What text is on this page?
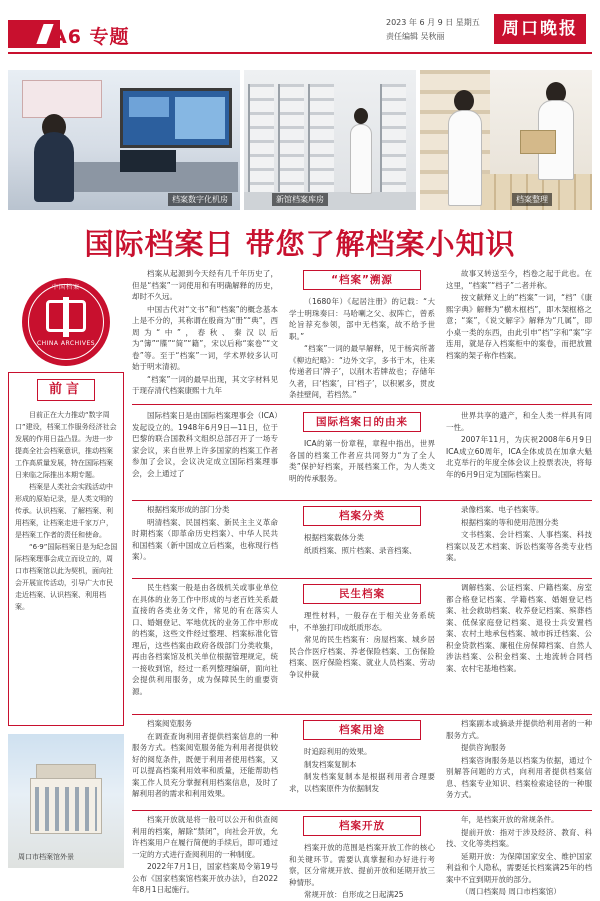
A6 专题
2023 年 6 月 9 日 星期五
责任编辑 吴秋丽	周口晚报
档案数字化机房	新馆档案库房	档案整理
国际档案日 带您了解档案小知识
中国档案
CHINA ARCHIVES
前言

目前正在大力推动“数字周口”建设，档案工作服务经济社会发展的作用日益凸显。为进一步提高全社会档案意识，推动档案工作高质量发展，特在国际档案日来临之际推出本期专题。

档案是人类社会实践活动中形成的原始记录，是人类文明的传承。认识档案、了解档案、利用档案，让档案走进千家万户，是档案工作者的责任和使命。

“6·9”国际档案日是为纪念国际档案理事会成立而设立的，周口市档案馆以此为契机，面向社会开展宣传活动，引导广大市民走近档案、认识档案、利用档案。

周口市档案馆外景

档案从起源到今天经有几千年历史了，但是“档案”一词使用和有明确解释的历史，却时不久远。

中国古代对“文书”和“档案”的概念基本上是不分的，其称谓在殷商为“册”“典”，西周为“中”，春秋、秦汉以后为“簿”“牒”“简”“籍”，宋以后称“案卷”“文卷”等。至于“档案”一词，学术界较多认可始于明末清初。

“档案”一词的最早出现，其文字材料见于现存清代档案康熙十九年

“档案”溯源

（1680年）《起居注册》的记载：“大学士明珠奏曰：马哈喇之父、叔阵亡，曾系纶旨荐充参领，部中无档案，故不给予世职。”

“档案”一词的最早解释，见于杨宾所著《柳边纪略》：“边外文字，多书于木，往来传递者曰‘牌子’，以削木若牌故也；存储年久者，曰‘档案’，曰‘档子’，以积累多，贯皮条挂壁间，若档然。”

故事又转送至今，档卷之起于此也。在这里，“档案”“档子”二者并称。

按文献释义上的“档案”一词，“档”《康熙字典》解释为“横木框档”，即木架框格之意；“案”，《说文解字》解释为“几属”，即小桌一类的东西，由此引申“档”字和“案”字连用，就是存入档案柜中的案卷，而把放置档案的架子称作档案。

国际档案日是由国际档案理事会（ICA）发起设立的。1948年6月9日—11日，位于巴黎的联合国教科文组织总部召开了一场专家会议，来自世界上许多国家的档案工作者参加了会议，会议决定成立国际档案理事会，会上通过了

国际档案日的由来

ICA的第一份章程，章程中指出，世界各国的档案工作者应共同努力“为了全人类”保护好档案，开展档案工作，为人类文明的传承服务。

世界共享的遗产，和全人类一样具有同一性。

2007年11月，为庆祝2008年6月9日ICA成立60周年，ICA全体成员在加拿大魁北克举行的年度全体会议上投票表决，将每年的6月9日定为国际档案日。

根据档案形成的部门分类

明清档案、民国档案、新民主主义革命时期档案（即革命历史档案）、中华人民共和国档案（新中国成立后档案，也称现行档案）。

档案分类

根据档案载体分类

纸质档案、照片档案、录音档案、

录像档案、电子档案等。

根据档案的等和使用范围分类

文书档案、会计档案、人事档案、科技档案以及艺术档案、诉讼档案等各类专业档案。

民生档案一般是由各级机关或事业单位在具体的业务工作中形成的与老百姓关系最直接的各类业务文件，常见的有在落实人口、婚姻登记、军地优抚的业务工作中形成的档案，这些文件经过整理、档案标准化管理后，这些档案由政府各级部门分类收集，再由各档案馆及机关单位根据管理规定，统一接收到馆，经过一系列整理编研，面向社会提供利用服务，成为保障民生的重要资源。

民生档案

理性材料，一般存在于相关业务系统中，不单独打印成纸质形态。

常见的民生档案有：房屋档案、城乡居民合作医疗档案、养老保险档案、工伤保险档案、医疗保险档案、就业人员档案、劳动争议仲裁

调解档案、公证档案、户籍档案、房室都合格登记档案、学籍档案、婚姻登记档案、社会救助档案、收养登记档案、殡葬档案、低保家庭登记档案、退役士兵安置档案、农村土地承包档案、城市拆迁档案、公积金贷款档案、廉租住房保障档案、自然人涉法档案、公积金档案、土地流转合同档案、农村宅基地档案。

档案阅览服务

在调查查询利用者提供档案信息的一种服务方式。档案阅览服务能为利用者提供较好的阅览条件，既便于利用者使用档案，又可以提高档案利用效率和质量，还能帮助档案工作人员充分掌握利用档案信息，及时了解利用者的需求和利用效果。

档案用途

时追踪利用的效果。

制发档案复制本

制发档案复制本是根据利用者合理要求，以档案原件为依据制发

档案副本或摘录并提供给利用者的一种服务方式。

提供咨询服务

档案咨询服务是以档案为依据，通过个别解答问题的方式，向利用者提供档案信息、档案专业知识、档案检索途径的一种服务方式。

档案开放就是将一般可以公开和供查阅利用的档案，解除“禁闭”，向社会开放，允许档案用户在履行简便的手续后，即可通过一定的方式进行查阅利用的一种制度。

2022年7月1日，国家档案局令第19号公布《国家档案馆档案开放办法》，自2022年8月1日起施行。

档案开放

档案开放的范围是档案开放工作的核心和关键环节。需要认真掌握和办好进行考察，区分常规开放、提前开放和延期开放三种情形。

常规开放：自形成之日起满25

年，是档案开放的常规条件。

提前开放：指对于涉及经济、教育、科技、文化等类档案。

延期开放：为保障国家安全、维护国家利益和个人隐私，需要延长档案满25年的档案中不宜到期开放的部分。

（周口档案局 周口市档案馆）
